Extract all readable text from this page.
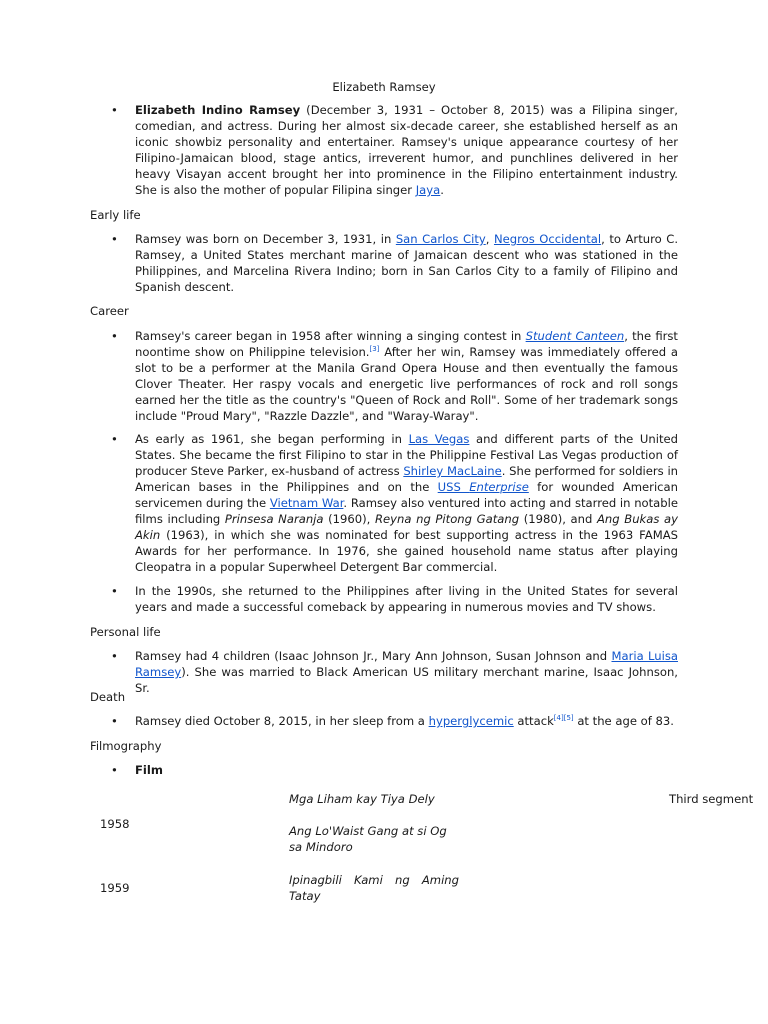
Elizabeth Ramsey
• Elizabeth Indino Ramsey (December 3, 1931 – October 8, 2015) was a Filipina singer, comedian, and actress. During her almost six-decade career, she established herself as an iconic showbiz personality and entertainer. Ramsey's unique appearance courtesy of her Filipino-Jamaican blood, stage antics, irreverent humor, and punchlines delivered in her heavy Visayan accent brought her into prominence in the Filipino entertainment industry. She is also the mother of popular Filipina singer Jaya.

Early life
• Ramsey was born on December 3, 1931, in San Carlos City, Negros Occidental, to Arturo C. Ramsey, a United States merchant marine of Jamaican descent who was stationed in the Philippines, and Marcelina Rivera Indino; born in San Carlos City to a family of Filipino and Spanish descent.

Career
• Ramsey's career began in 1958 after winning a singing contest in Student Canteen, the first noontime show on Philippine television.[3] After her win, Ramsey was immediately offered a slot to be a performer at the Manila Grand Opera House and then eventually the famous Clover Theater. Her raspy vocals and energetic live performances of rock and roll songs earned her the title as the country's "Queen of Rock and Roll". Some of her trademark songs include "Proud Mary", "Razzle Dazzle", and "Waray-Waray".

• As early as 1961, she began performing in Las Vegas and different parts of the United States. She became the first Filipino to star in the Philippine Festival Las Vegas production of producer Steve Parker, ex-husband of actress Shirley MacLaine. She performed for soldiers in American bases in the Philippines and on the USS Enterprise for wounded American servicemen during the Vietnam War. Ramsey also ventured into acting and starred in notable films including Prinsesa Naranja (1960), Reyna ng Pitong Gatang (1980), and Ang Bukas ay Akin (1963), in which she was nominated for best supporting actress in the 1963 FAMAS Awards for her performance. In 1976, she gained household name status after playing Cleopatra in a popular Superwheel Detergent Bar commercial.

• In the 1990s, she returned to the Philippines after living in the United States for several years and made a successful comeback by appearing in numerous movies and TV shows.

Personal life
• Ramsey had 4 children (Isaac Johnson Jr., Mary Ann Johnson, Susan Johnson and Maria Luisa Ramsey). She was married to Black American US military merchant marine, Isaac Johnson, Sr.

Death
• Ramsey died October 8, 2015, in her sleep from a hyperglycemic attack[4][5] at the age of 83.

Filmography
• Film

1958
Mga Liham kay Tiya Dely
Ang Lo'Waist Gang at si Og sa Mindoro
Third segment
1959
Ipinagbili Kami ng Aming Tatay
